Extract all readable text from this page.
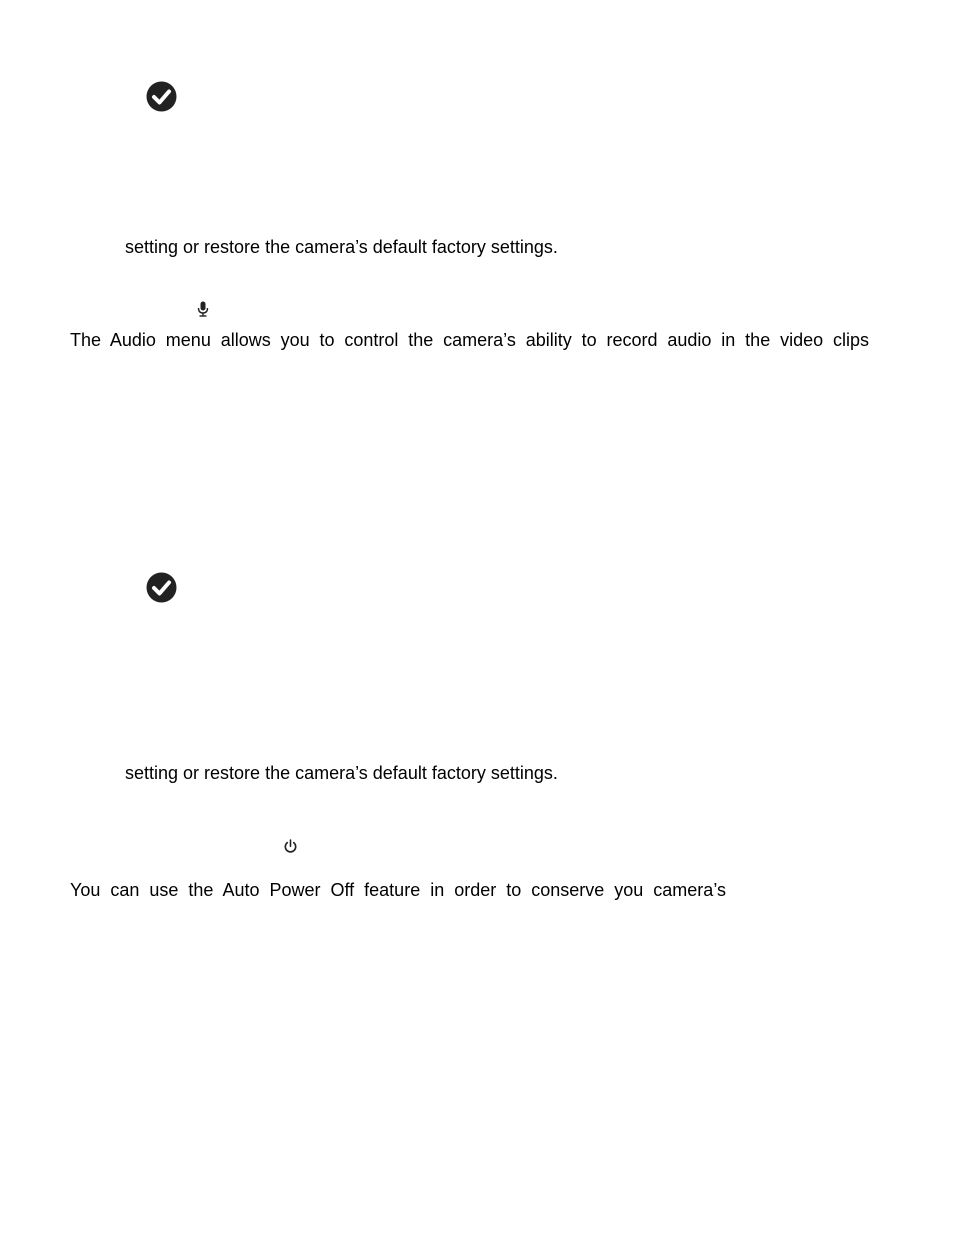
setting or restore the camera’s default factory settings.
The Audio menu allows you to control the camera’s ability to record audio in the video clips
setting or restore the camera’s default factory settings.
You can use the Auto Power Off feature in order to conserve you camera’s
